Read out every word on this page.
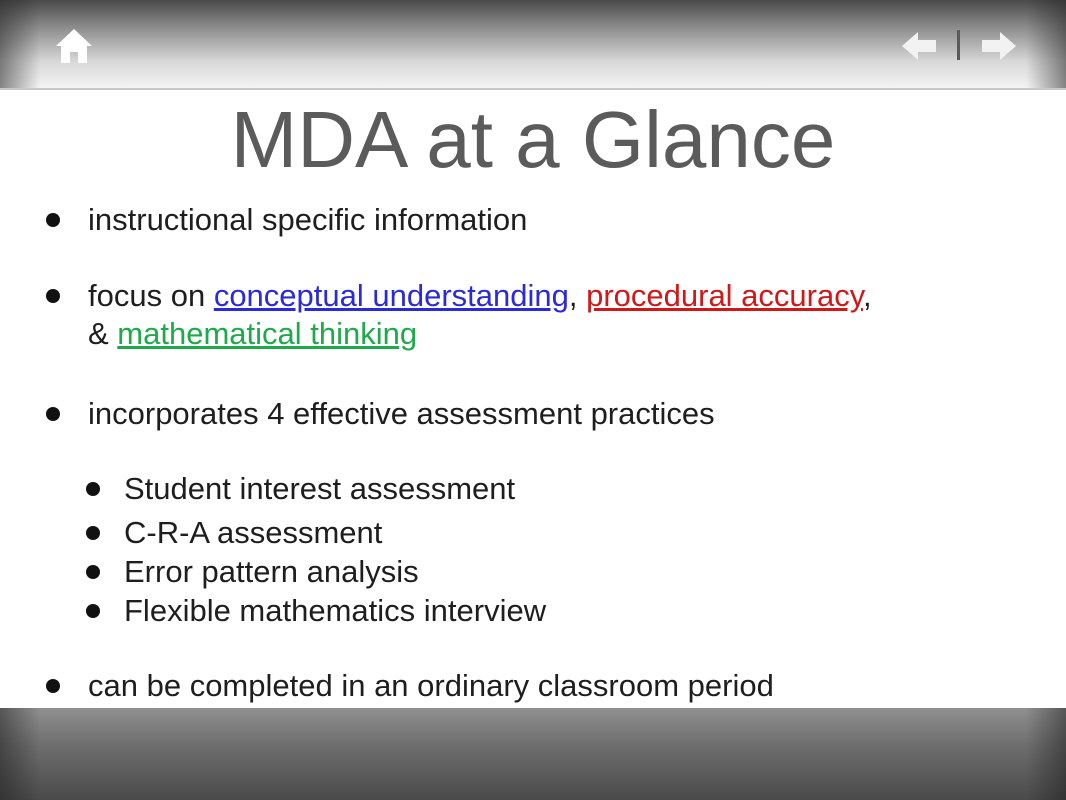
MDA at a Glance
instructional specific information
focus on conceptual understanding, procedural accuracy,
& mathematical thinking
incorporates 4 effective assessment practices
Student interest assessment
C-R-A assessment
Error pattern analysis
Flexible mathematics interview
can be completed in an ordinary classroom period
